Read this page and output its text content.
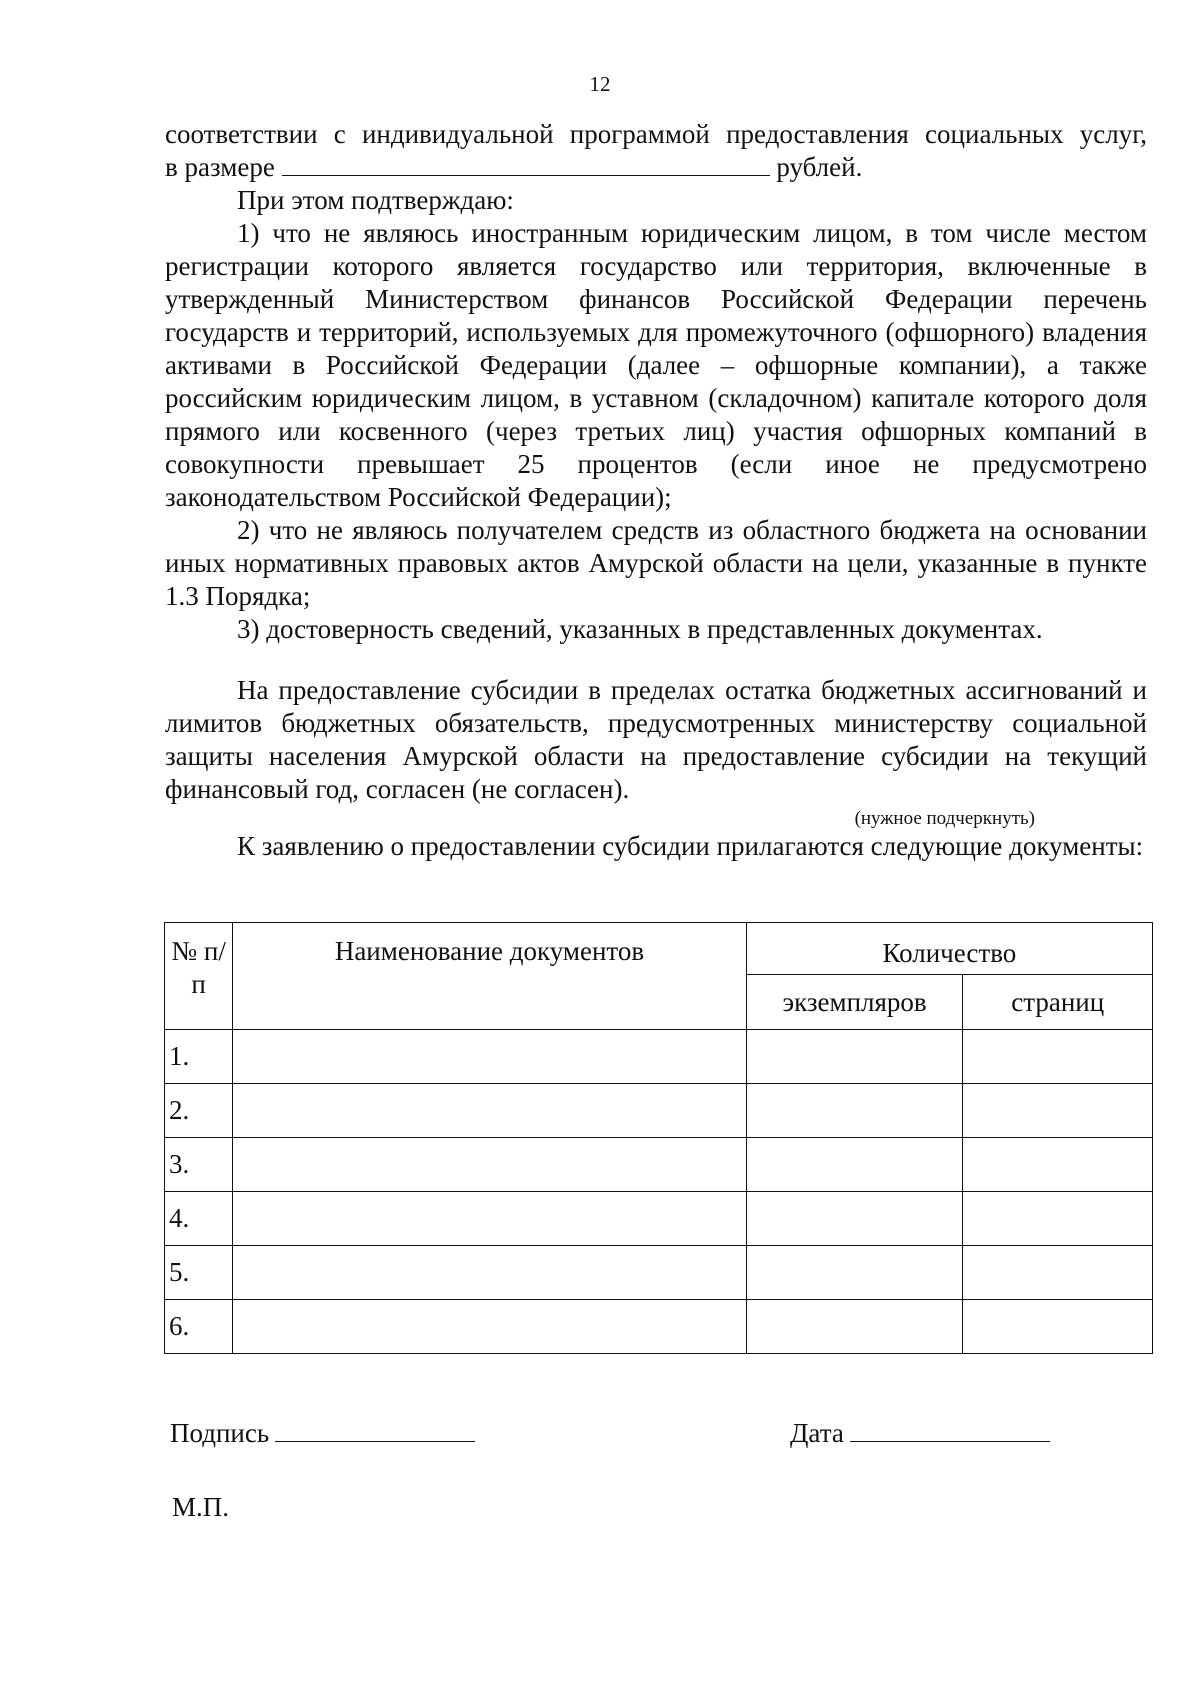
12

соответствии с индивидуальной программой предоставления социальных услуг,

в размере	рублей.

При этом подтверждаю:

1) что не являюсь иностранным юридическим лицом, в том числе местом регистрации которого является государство или территория, включенные в утвержденный Министерством финансов Российской Федерации перечень государств и территорий, используемых для промежуточного (офшорного) владения активами в Российской Федерации (далее – офшорные компании), а также российским юридическим лицом, в уставном (складочном) капитале которого доля прямого или косвенного (через третьих лиц) участия офшорных компаний в совокупности превышает 25 процентов (если иное не предусмотрено законодательством Российской Федерации);

2) что не являюсь получателем средств из областного бюджета на основании иных нормативных правовых актов Амурской области на цели, указанные в пункте 1.3 Порядка;

3) достоверность сведений, указанных в представленных документах.

На предоставление субсидии в пределах остатка бюджетных ассигнований и лимитов бюджетных обязательств, предусмотренных министерству социальной защиты населения Амурской области на предоставление субсидии на текущий финансовый год, согласен (не согласен).

(нужное подчеркнуть)

К заявлению о предоставлении субсидии прилагаются следующие документы:

№ п/п	Наименование документов	Количество	
		экземпляров	страниц
1.			
2.			
3.			
4.			
5.			
6.			
Подпись	Дата
М.П.
